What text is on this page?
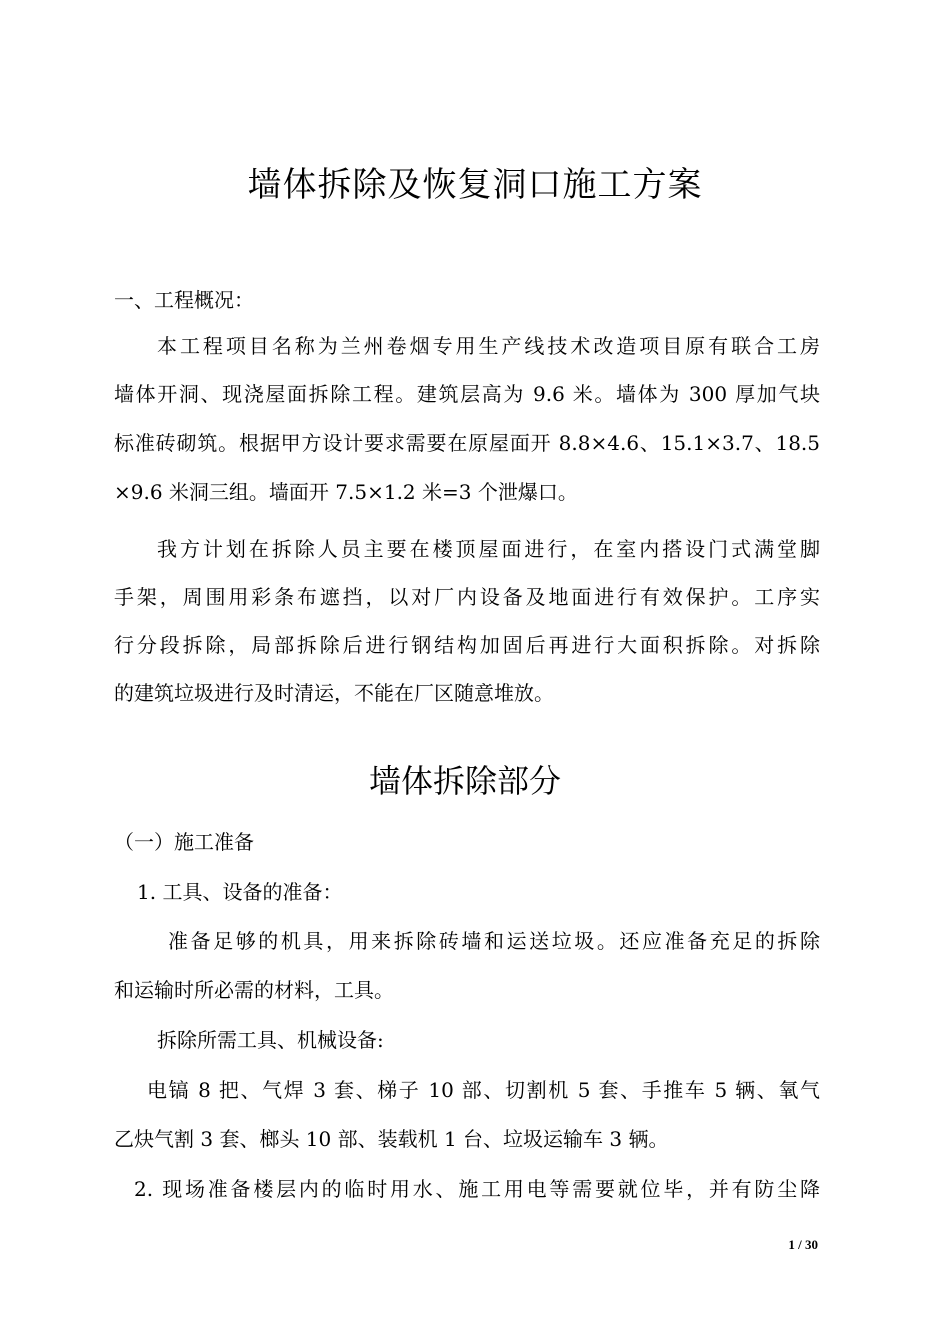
墙体拆除及恢复洞口施工方案
一、工程概况：
本工程项目名称为兰州卷烟专用生产线技术改造项目原有联合工房
墙体开洞、现浇屋面拆除工程。建筑层高为 9.6 米。墙体为 300 厚加气块
标准砖砌筑。根据甲方设计要求需要在原屋面开 8.8×4.6、15.1×3.7、18.5
×9.6 米洞三组。墙面开 7.5×1.2 米=3 个泄爆口。
我方计划在拆除人员主要在楼顶屋面进行，在室内搭设门式满堂脚
手架，周围用彩条布遮挡，以对厂内设备及地面进行有效保护。工序实
行分段拆除，局部拆除后进行钢结构加固后再进行大面积拆除。对拆除
的建筑垃圾进行及时清运，不能在厂区随意堆放。
墙体拆除部分
（一）施工准备
1. 工具、设备的准备：
准备足够的机具，用来拆除砖墙和运送垃圾。还应准备充足的拆除
和运输时所必需的材料，工具。
拆除所需工具、机械设备:
电镐 8 把、气焊 3 套、梯子 10 部、切割机 5 套、手推车 5 辆、氧气
乙炔气割 3 套、榔头 10 部、装载机 1 台、垃圾运输车 3 辆。
2. 现场准备楼层内的临时用水、施工用电等需要就位毕，并有防尘降
1 / 30
